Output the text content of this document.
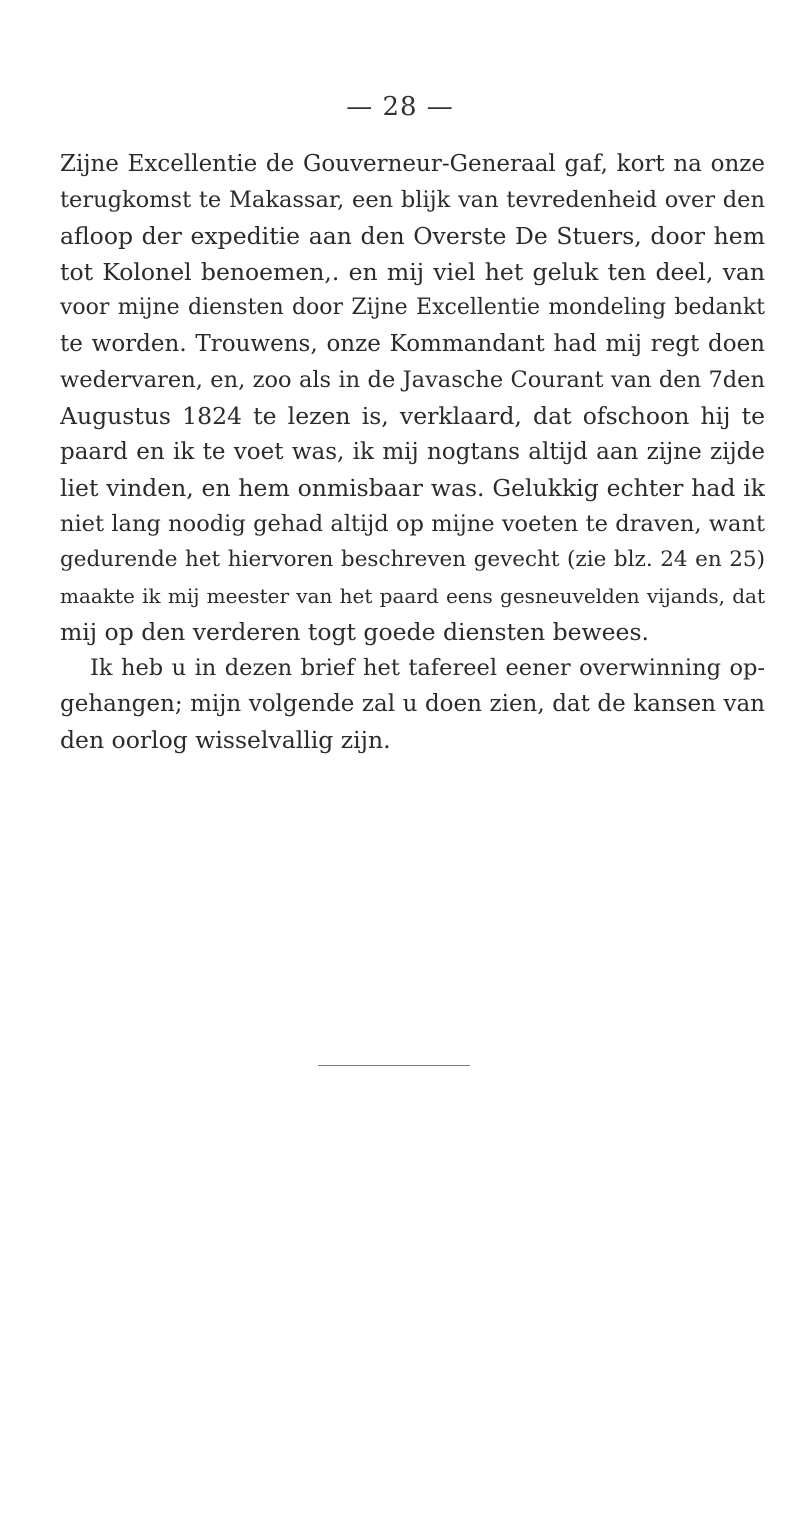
— 28 —
Zijne Excellentie de Gouverneur-Generaal gaf, kort na onze
terugkomst te Makassar, een blijk van tevredenheid over den
afloop der expeditie aan den Overste De Stuers, door hem
tot Kolonel benoemen,. en mij viel het geluk ten deel, van
voor mijne diensten door Zijne Excellentie mondeling bedankt
te worden. Trouwens, onze Kommandant had mij regt doen
wedervaren, en, zoo als in de Javasche Courant van den 7den
Augustus 1824 te lezen is, verklaard, dat ofschoon hij te
paard en ik te voet was, ik mij nogtans altijd aan zijne zijde
liet vinden, en hem onmisbaar was. Gelukkig echter had ik
niet lang noodig gehad altijd op mijne voeten te draven, want
gedurende het hiervoren beschreven gevecht (zie blz. 24 en 25)
maakte ik mij meester van het paard eens gesneuvelden vijands, dat
mij op den verderen togt goede diensten bewees.
Ik heb u in dezen brief het tafereel eener overwinning op-
gehangen; mijn volgende zal u doen zien, dat de kansen van
den oorlog wisselvallig zijn.
